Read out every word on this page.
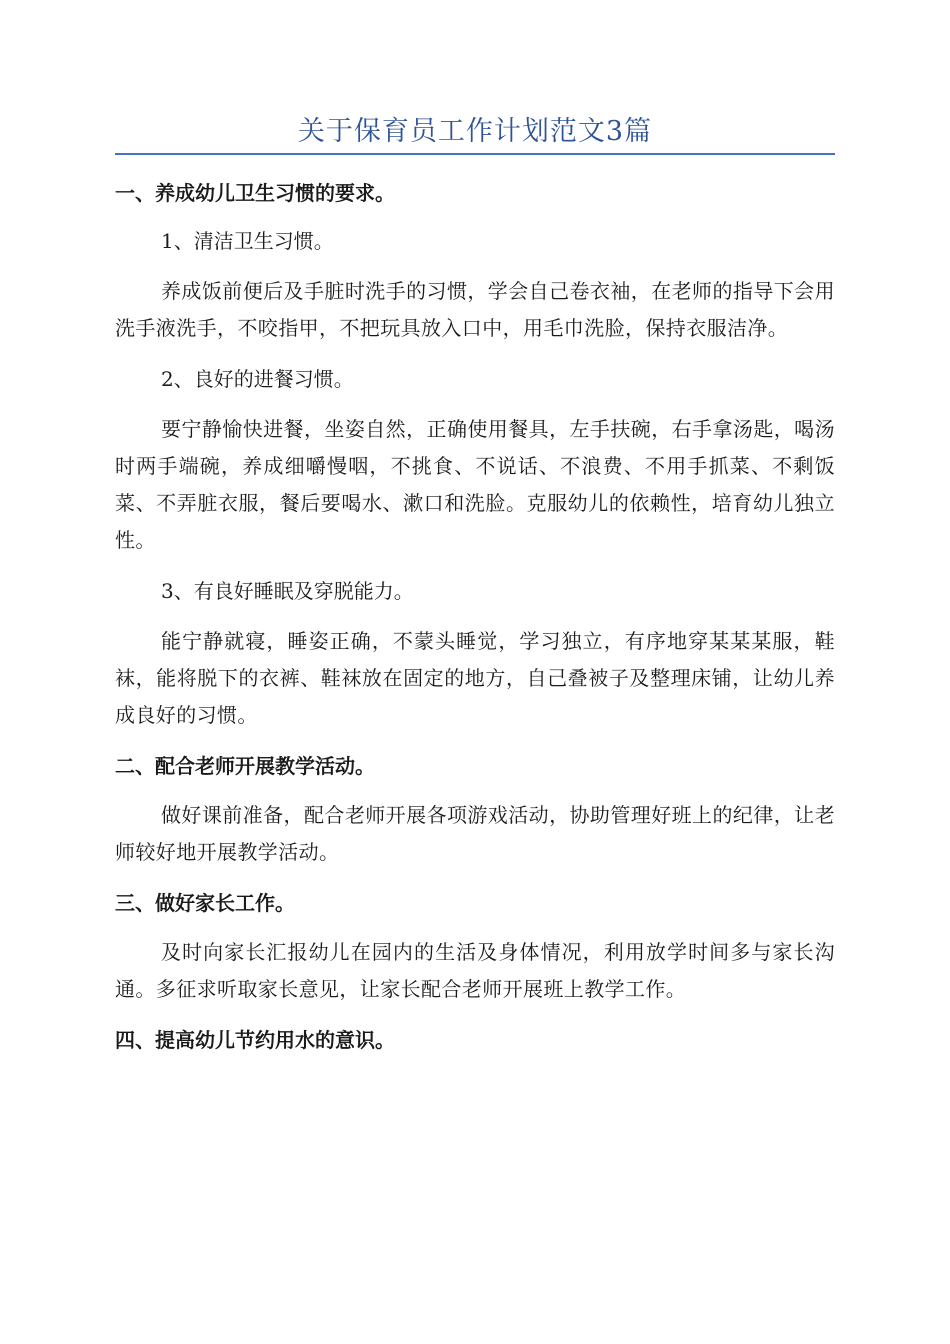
关于保育员工作计划范文3篇
一、养成幼儿卫生习惯的要求。
1、清洁卫生习惯。
养成饭前便后及手脏时洗手的习惯，学会自己卷衣袖，在老师的指导下会用洗手液洗手，不咬指甲，不把玩具放入口中，用毛巾洗脸，保持衣服洁净。
2、良好的进餐习惯。
要宁静愉快进餐，坐姿自然，正确使用餐具，左手扶碗，右手拿汤匙，喝汤时两手端碗，养成细嚼慢咽，不挑食、不说话、不浪费、不用手抓菜、不剩饭菜、不弄脏衣服，餐后要喝水、漱口和洗脸。克服幼儿的依赖性，培育幼儿独立性。
3、有良好睡眠及穿脱能力。
能宁静就寝，睡姿正确，不蒙头睡觉，学习独立，有序地穿某某某服，鞋袜，能将脱下的衣裤、鞋袜放在固定的地方，自己叠被子及整理床铺，让幼儿养成良好的习惯。
二、配合老师开展教学活动。
做好课前准备，配合老师开展各项游戏活动，协助管理好班上的纪律，让老师较好地开展教学活动。
三、做好家长工作。
及时向家长汇报幼儿在园内的生活及身体情况，利用放学时间多与家长沟通。多征求听取家长意见，让家长配合老师开展班上教学工作。
四、提高幼儿节约用水的意识。
